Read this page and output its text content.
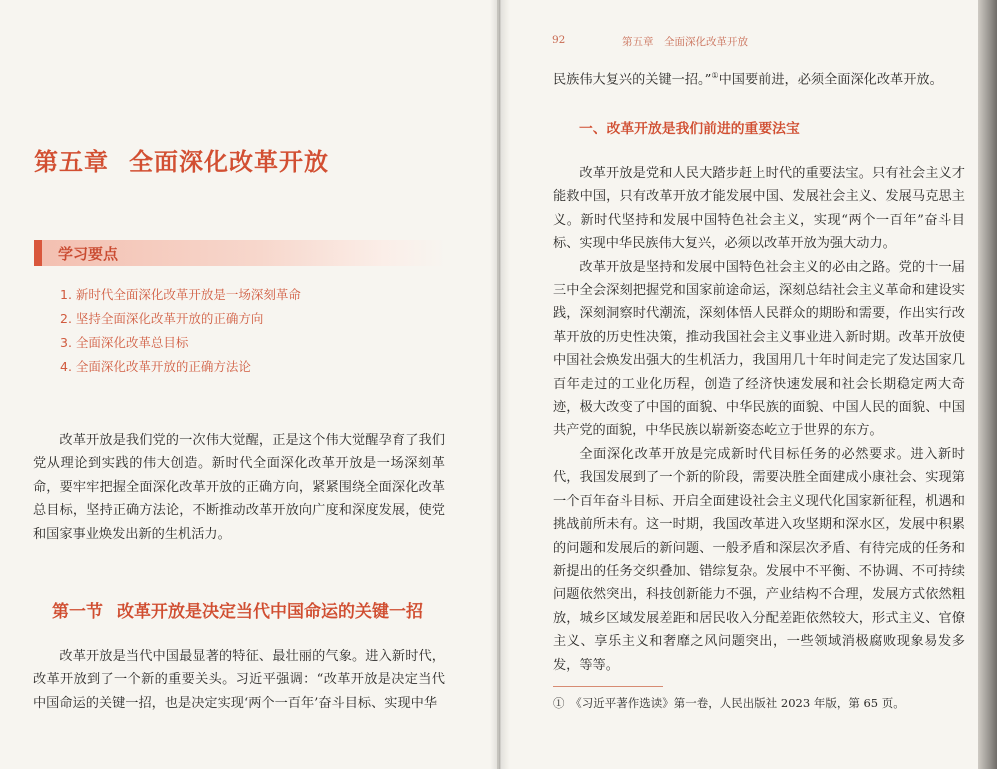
第五章 全面深化改革开放
学习要点
1. 新时代全面深化改革开放是一场深刻革命
2. 坚持全面深化改革开放的正确方向
3. 全面深化改革总目标
4. 全面深化改革开放的正确方法论

改革开放是我们党的一次伟大觉醒，正是这个伟大觉醒孕育了我们党从理论到实践的伟大创造。新时代全面深化改革开放是一场深刻革命，要牢牢把握全面深化改革开放的正确方向，紧紧围绕全面深化改革总目标，坚持正确方法论，不断推动改革开放向广度和深度发展，使党和国家事业焕发出新的生机活力。

第一节 改革开放是决定当代中国命运的关键一招

改革开放是当代中国最显著的特征、最壮丽的气象。进入新时代，改革开放到了一个新的重要关头。习近平强调：“改革开放是决定当代中国命运的关键一招，也是决定实现‘两个一百年’奋斗目标、实现中华

92	第五章　全面深化改革开放

民族伟大复兴的关键一招。”①中国要前进，必须全面深化改革开放。

一、改革开放是我们前进的重要法宝

改革开放是党和人民大踏步赶上时代的重要法宝。只有社会主义才能救中国，只有改革开放才能发展中国、发展社会主义、发展马克思主义。新时代坚持和发展中国特色社会主义，实现“两个一百年”奋斗目标、实现中华民族伟大复兴，必须以改革开放为强大动力。

改革开放是坚持和发展中国特色社会主义的必由之路。党的十一届三中全会深刻把握党和国家前途命运，深刻总结社会主义革命和建设实践，深刻洞察时代潮流，深刻体悟人民群众的期盼和需要，作出实行改革开放的历史性决策，推动我国社会主义事业进入新时期。改革开放使中国社会焕发出强大的生机活力，我国用几十年时间走完了发达国家几百年走过的工业化历程，创造了经济快速发展和社会长期稳定两大奇迹，极大改变了中国的面貌、中华民族的面貌、中国人民的面貌、中国共产党的面貌，中华民族以崭新姿态屹立于世界的东方。

全面深化改革开放是完成新时代目标任务的必然要求。进入新时代，我国发展到了一个新的阶段，需要决胜全面建成小康社会、实现第一个百年奋斗目标、开启全面建设社会主义现代化国家新征程，机遇和挑战前所未有。这一时期，我国改革进入攻坚期和深水区，发展中积累的问题和发展后的新问题、一般矛盾和深层次矛盾、有待完成的任务和新提出的任务交织叠加、错综复杂。发展中不平衡、不协调、不可持续问题依然突出，科技创新能力不强，产业结构不合理，发展方式依然粗放，城乡区域发展差距和居民收入分配差距依然较大，形式主义、官僚主义、享乐主义和奢靡之风问题突出，一些领域消极腐败现象易发多发，等等。

①　《习近平著作选读》第一卷，人民出版社 2023 年版，第 65 页。
